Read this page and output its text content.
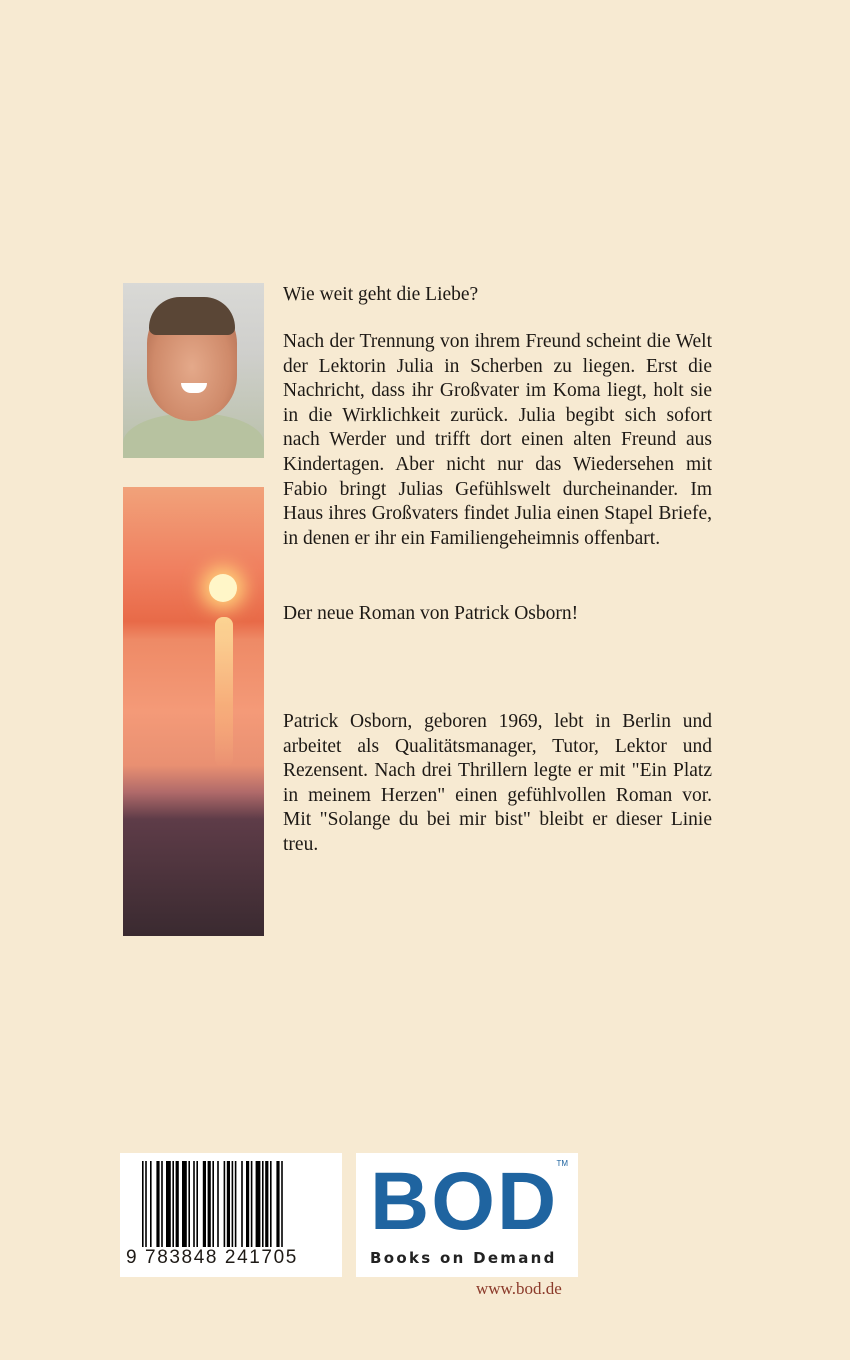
Wie weit geht die Liebe?

Nach der Trennung von ihrem Freund scheint die Welt der Lektorin Julia in Scherben zu liegen. Erst die Nachricht, dass ihr Großvater im Koma liegt, holt sie in die Wirklichkeit zurück. Julia begibt sich sofort nach Werder und trifft dort einen alten Freund aus Kindertagen. Aber nicht nur das Wiedersehen mit Fabio bringt Julias Gefühlswelt durcheinander. Im Haus ihres Großvaters findet Julia einen Stapel Briefe, in denen er ihr ein Familiengeheimnis offenbart.

Der neue Roman von Patrick Osborn!

Patrick Osborn, geboren 1969, lebt in Berlin und arbeitet als Qualitätsmanager, Tutor, Lektor und Rezensent. Nach drei Thrillern legte er mit "Ein Platz in meinem Herzen" einen gefühlvollen Roman vor. Mit "Solange du bei mir bist" bleibt er dieser Linie treu.

9 783848 241705
BOD
TM
Books on Demand
www.bod.de
